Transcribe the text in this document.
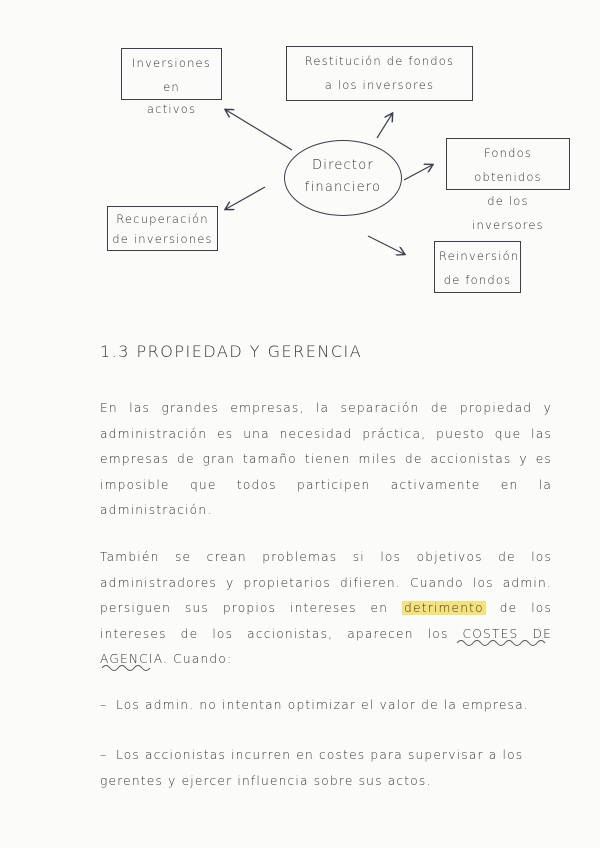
Inversiones en
activos
Restitución de fondos
a los inversores
Fondos obtenidos
de los inversores
Recuperación
de inversiones
Reinversión
de fondos
Director
financiero
1.3 PROPIEDAD Y GERENCIA
En las grandes empresas, la separación de propiedad y administración es una necesidad práctica, puesto que las empresas de gran tamaño tienen miles de accionistas y es imposible que todos participen activamente en la administración.
También se crean problemas si los objetivos de los administradores y propietarios difieren. Cuando los admin. persiguen sus propios intereses en detrimento de los intereses de los accionistas, aparecen los COSTES DE AGENCIA. Cuando:
– Los admin. no intentan optimizar el valor de la empresa.
– Los accionistas incurren en costes para supervisar a los gerentes y ejercer influencia sobre sus actos.
